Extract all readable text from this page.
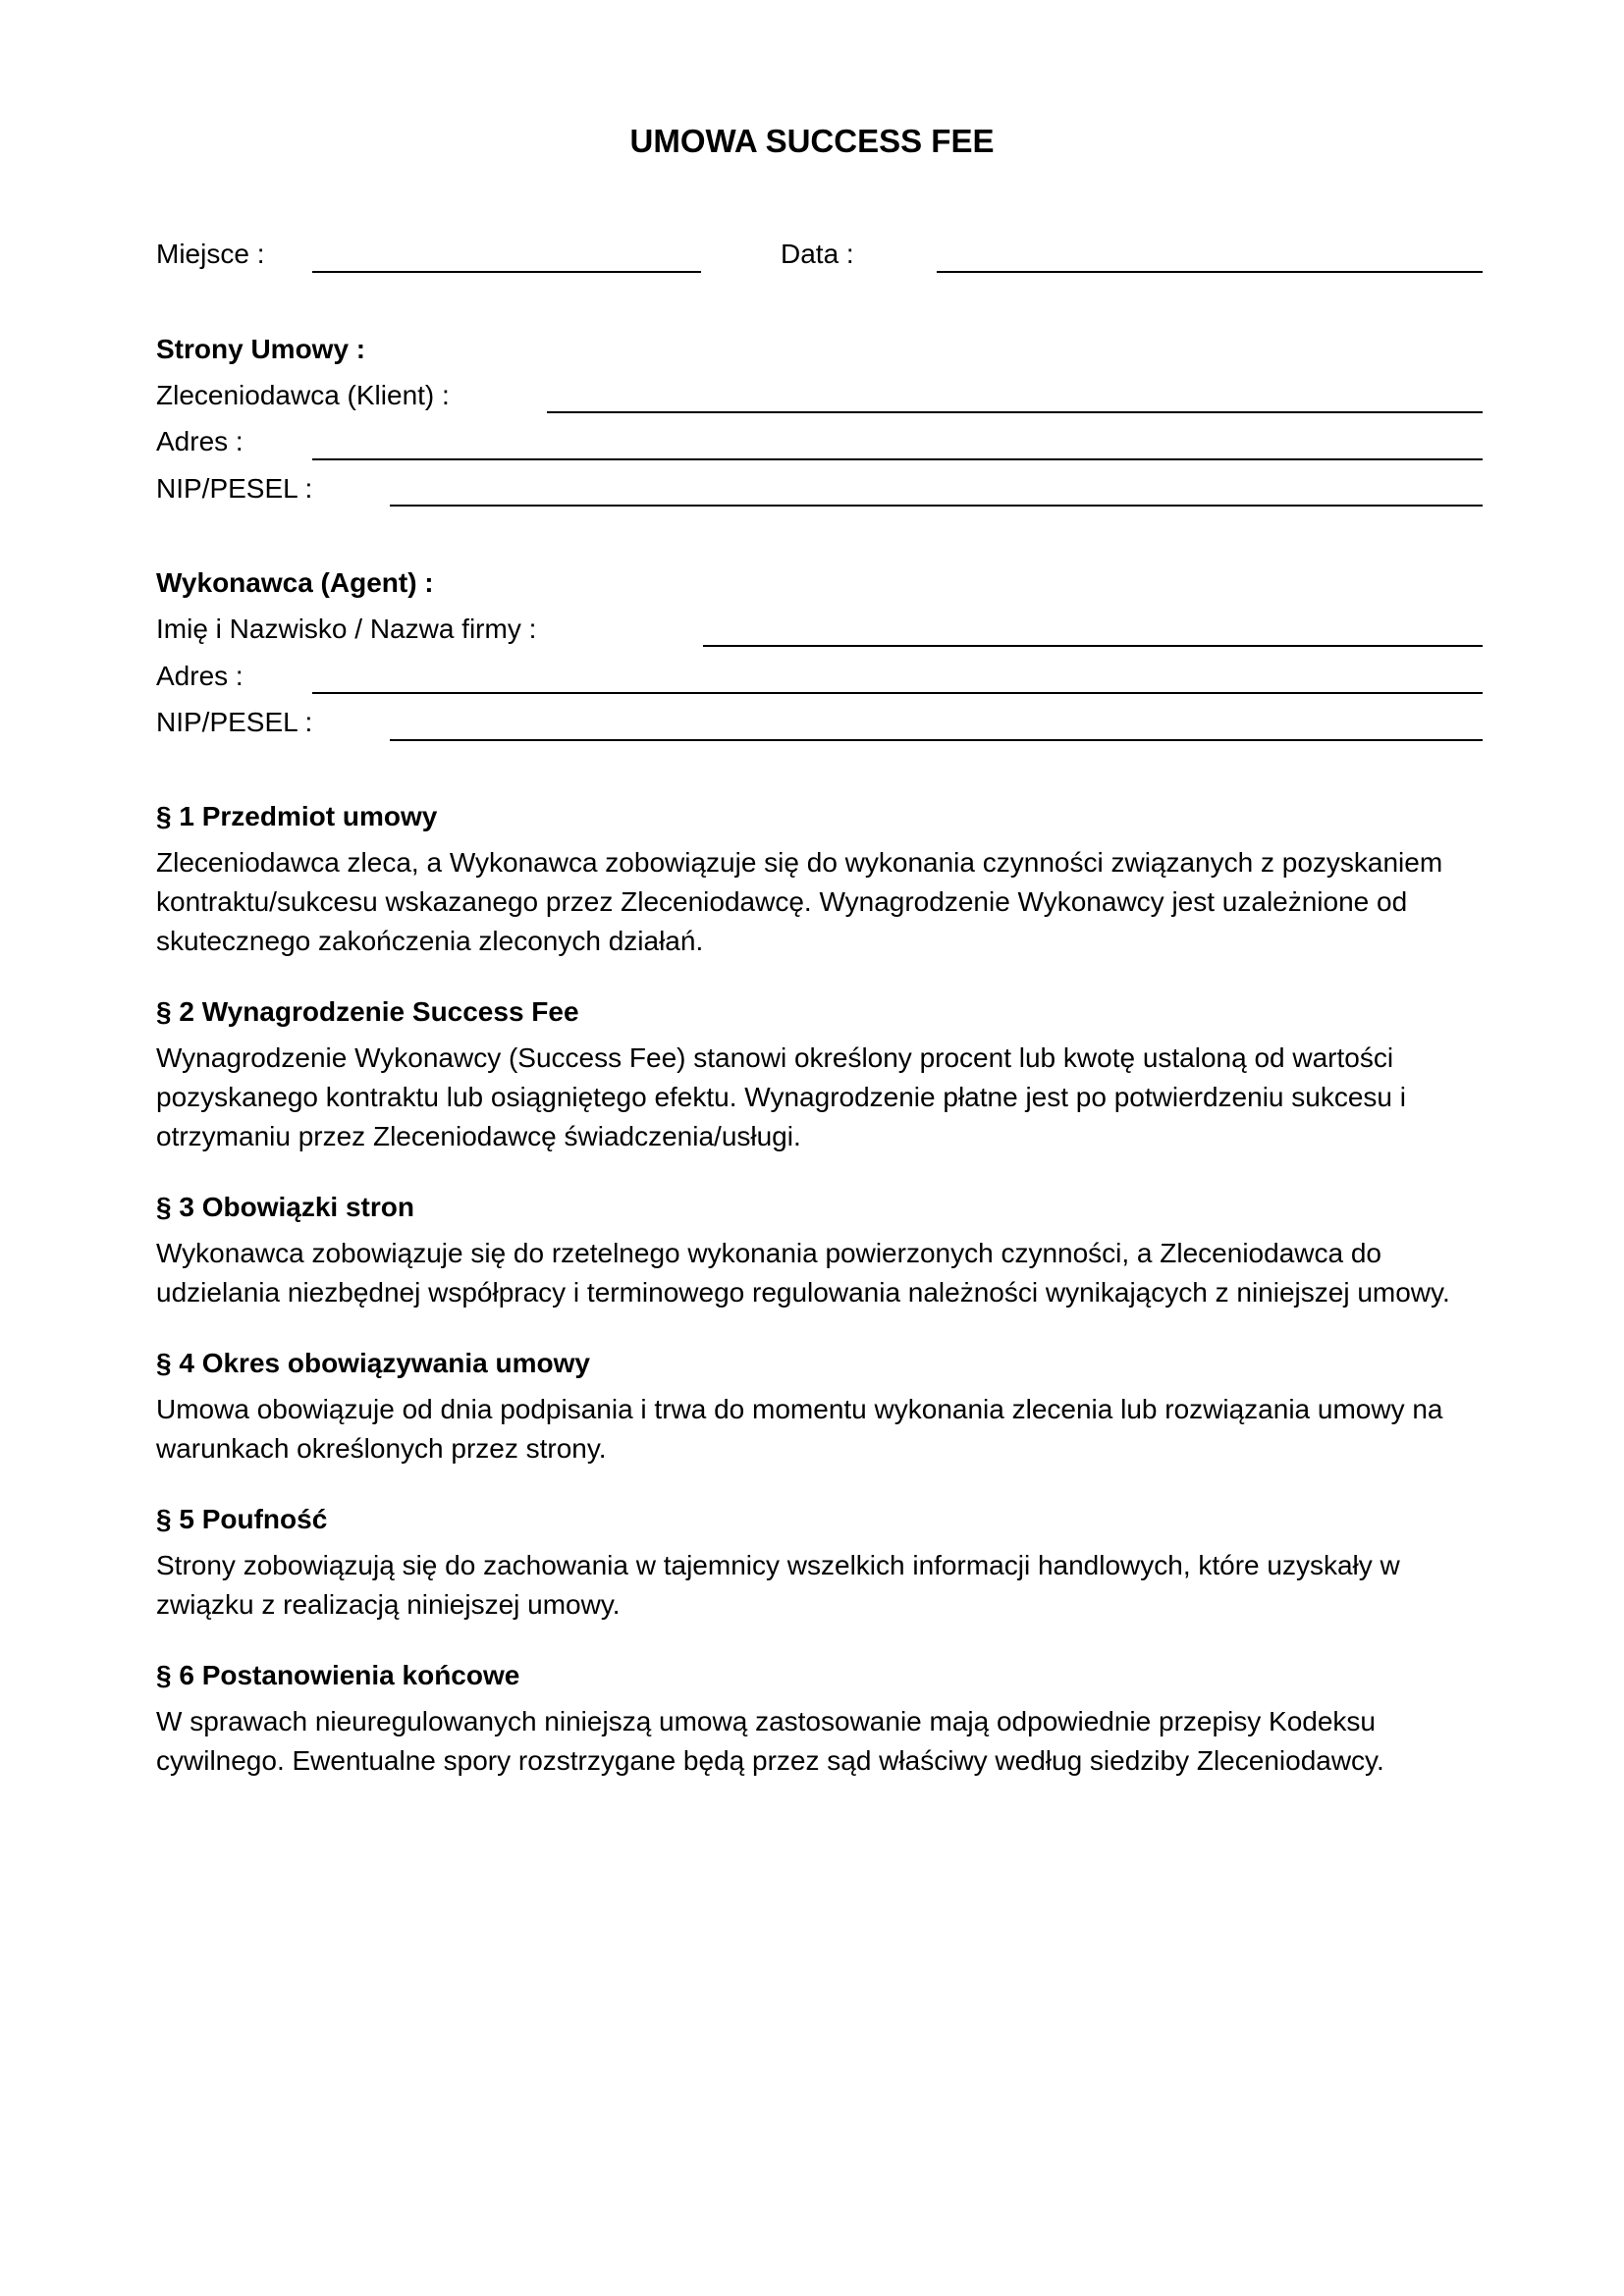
UMOWA SUCCESS FEE
Miejsce :	Data :
Strony Umowy :
Zleceniodawca (Klient) :
Adres :
NIP/PESEL :
Wykonawca (Agent) :
Imię i Nazwisko / Nazwa firmy :
Adres :
NIP/PESEL :
§ 1 Przedmiot umowy
Zleceniodawca zleca, a Wykonawca zobowiązuje się do wykonania czynności związanych z pozyskaniem
kontraktu/sukcesu wskazanego przez Zleceniodawcę. Wynagrodzenie Wykonawcy jest uzależnione od
skutecznego zakończenia zleconych działań.
§ 2 Wynagrodzenie Success Fee
Wynagrodzenie Wykonawcy (Success Fee) stanowi określony procent lub kwotę ustaloną od wartości
pozyskanego kontraktu lub osiągniętego efektu. Wynagrodzenie płatne jest po potwierdzeniu sukcesu i
otrzymaniu przez Zleceniodawcę świadczenia/usługi.
§ 3 Obowiązki stron
Wykonawca zobowiązuje się do rzetelnego wykonania powierzonych czynności, a Zleceniodawca do
udzielania niezbędnej współpracy i terminowego regulowania należności wynikających z niniejszej umowy.
§ 4 Okres obowiązywania umowy
Umowa obowiązuje od dnia podpisania i trwa do momentu wykonania zlecenia lub rozwiązania umowy na
warunkach określonych przez strony.
§ 5 Poufność
Strony zobowiązują się do zachowania w tajemnicy wszelkich informacji handlowych, które uzyskały w
związku z realizacją niniejszej umowy.
§ 6 Postanowienia końcowe
W sprawach nieuregulowanych niniejszą umową zastosowanie mają odpowiednie przepisy Kodeksu
cywilnego. Ewentualne spory rozstrzygane będą przez sąd właściwy według siedziby Zleceniodawcy.
